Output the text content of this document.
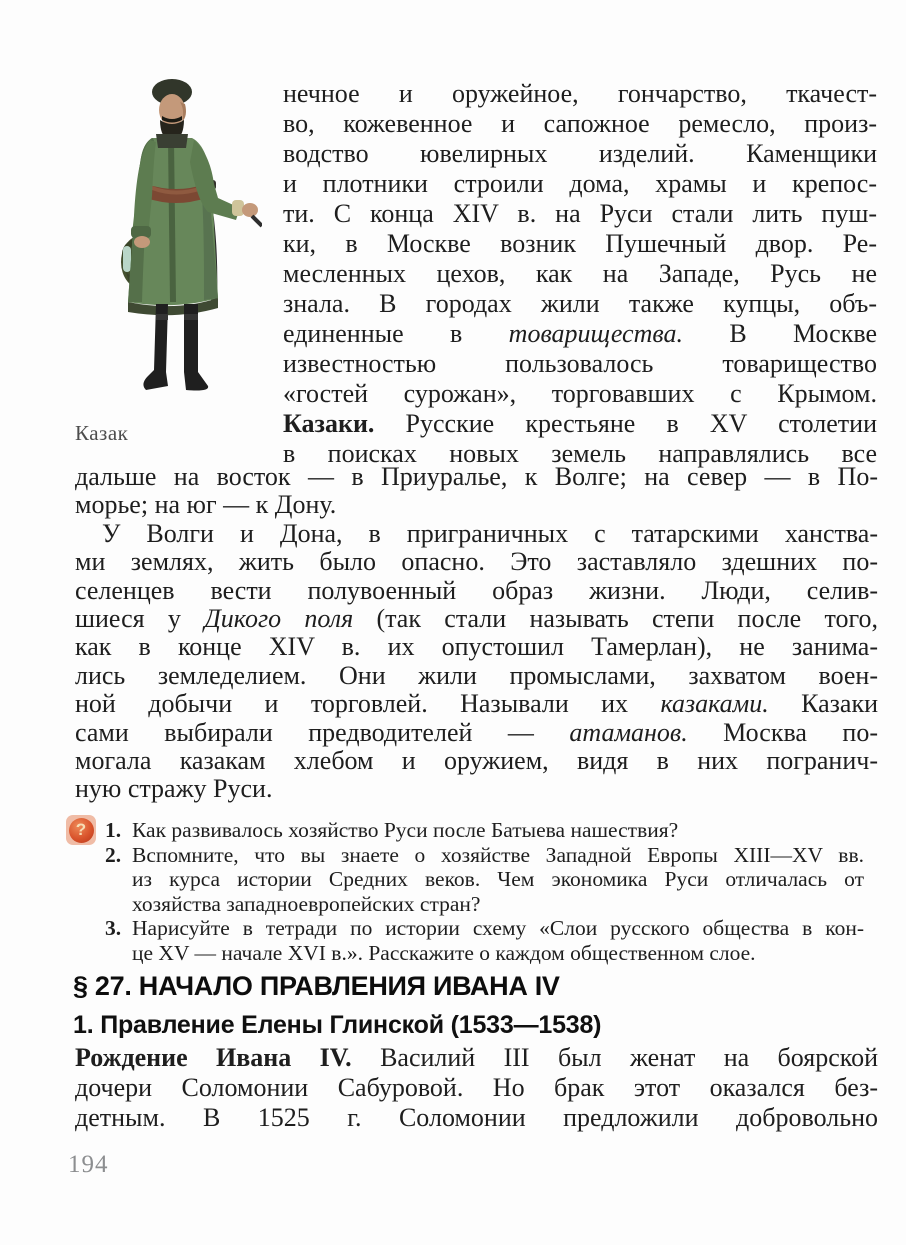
Казак
нечное и оружейное, гончарство, ткачест-
во, кожевенное и сапожное ремесло, произ-
водство ювелирных изделий. Каменщики
и плотники строили дома, храмы и крепос-
ти. С конца XIV в. на Руси стали лить пуш-
ки, в Москве возник Пушечный двор. Ре-
месленных цехов, как на Западе, Русь не
знала. В городах жили также купцы, объ-
единенные в товарищества. В Москве
известностью пользовалось товарищество
«гостей сурожан», торговавших с Крымом.
Казаки. Русские крестьяне в XV столетии
в поисках новых земель направлялись все
дальше на восток — в Приуралье, к Волге; на север — в По-
морье; на юг — к Дону.
У Волги и Дона, в приграничных с татарскими ханства-
ми землях, жить было опасно. Это заставляло здешних по-
селенцев вести полувоенный образ жизни. Люди, селив-
шиеся у Дикого поля (так стали называть степи после того,
как в конце XIV в. их опустошил Тамерлан), не занима-
лись земледелием. Они жили промыслами, захватом воен-
ной добычи и торговлей. Называли их казаками. Казаки
сами выбирали предводителей — атаманов. Москва по-
могала казакам хлебом и оружием, видя в них погранич-
ную стражу Руси.
? 1. Как развивалось хозяйство Руси после Батыева нашествия?
2. Вспомните, что вы знаете о хозяйстве Западной Европы XIII—XV вв.
из курса истории Средних веков. Чем экономика Руси отличалась от
хозяйства западноевропейских стран?
3. Нарисуйте в тетради по истории схему «Слои русского общества в кон-
це XV — начале XVI в.». Расскажите о каждом общественном слое.
§ 27. НАЧАЛО ПРАВЛЕНИЯ ИВАНА IV
1. Правление Елены Глинской (1533—1538)
Рождение Ивана IV. Василий III был женат на боярской
дочери Соломонии Сабуровой. Но брак этот оказался без-
детным. В 1525 г. Соломонии предложили добровольно
194
